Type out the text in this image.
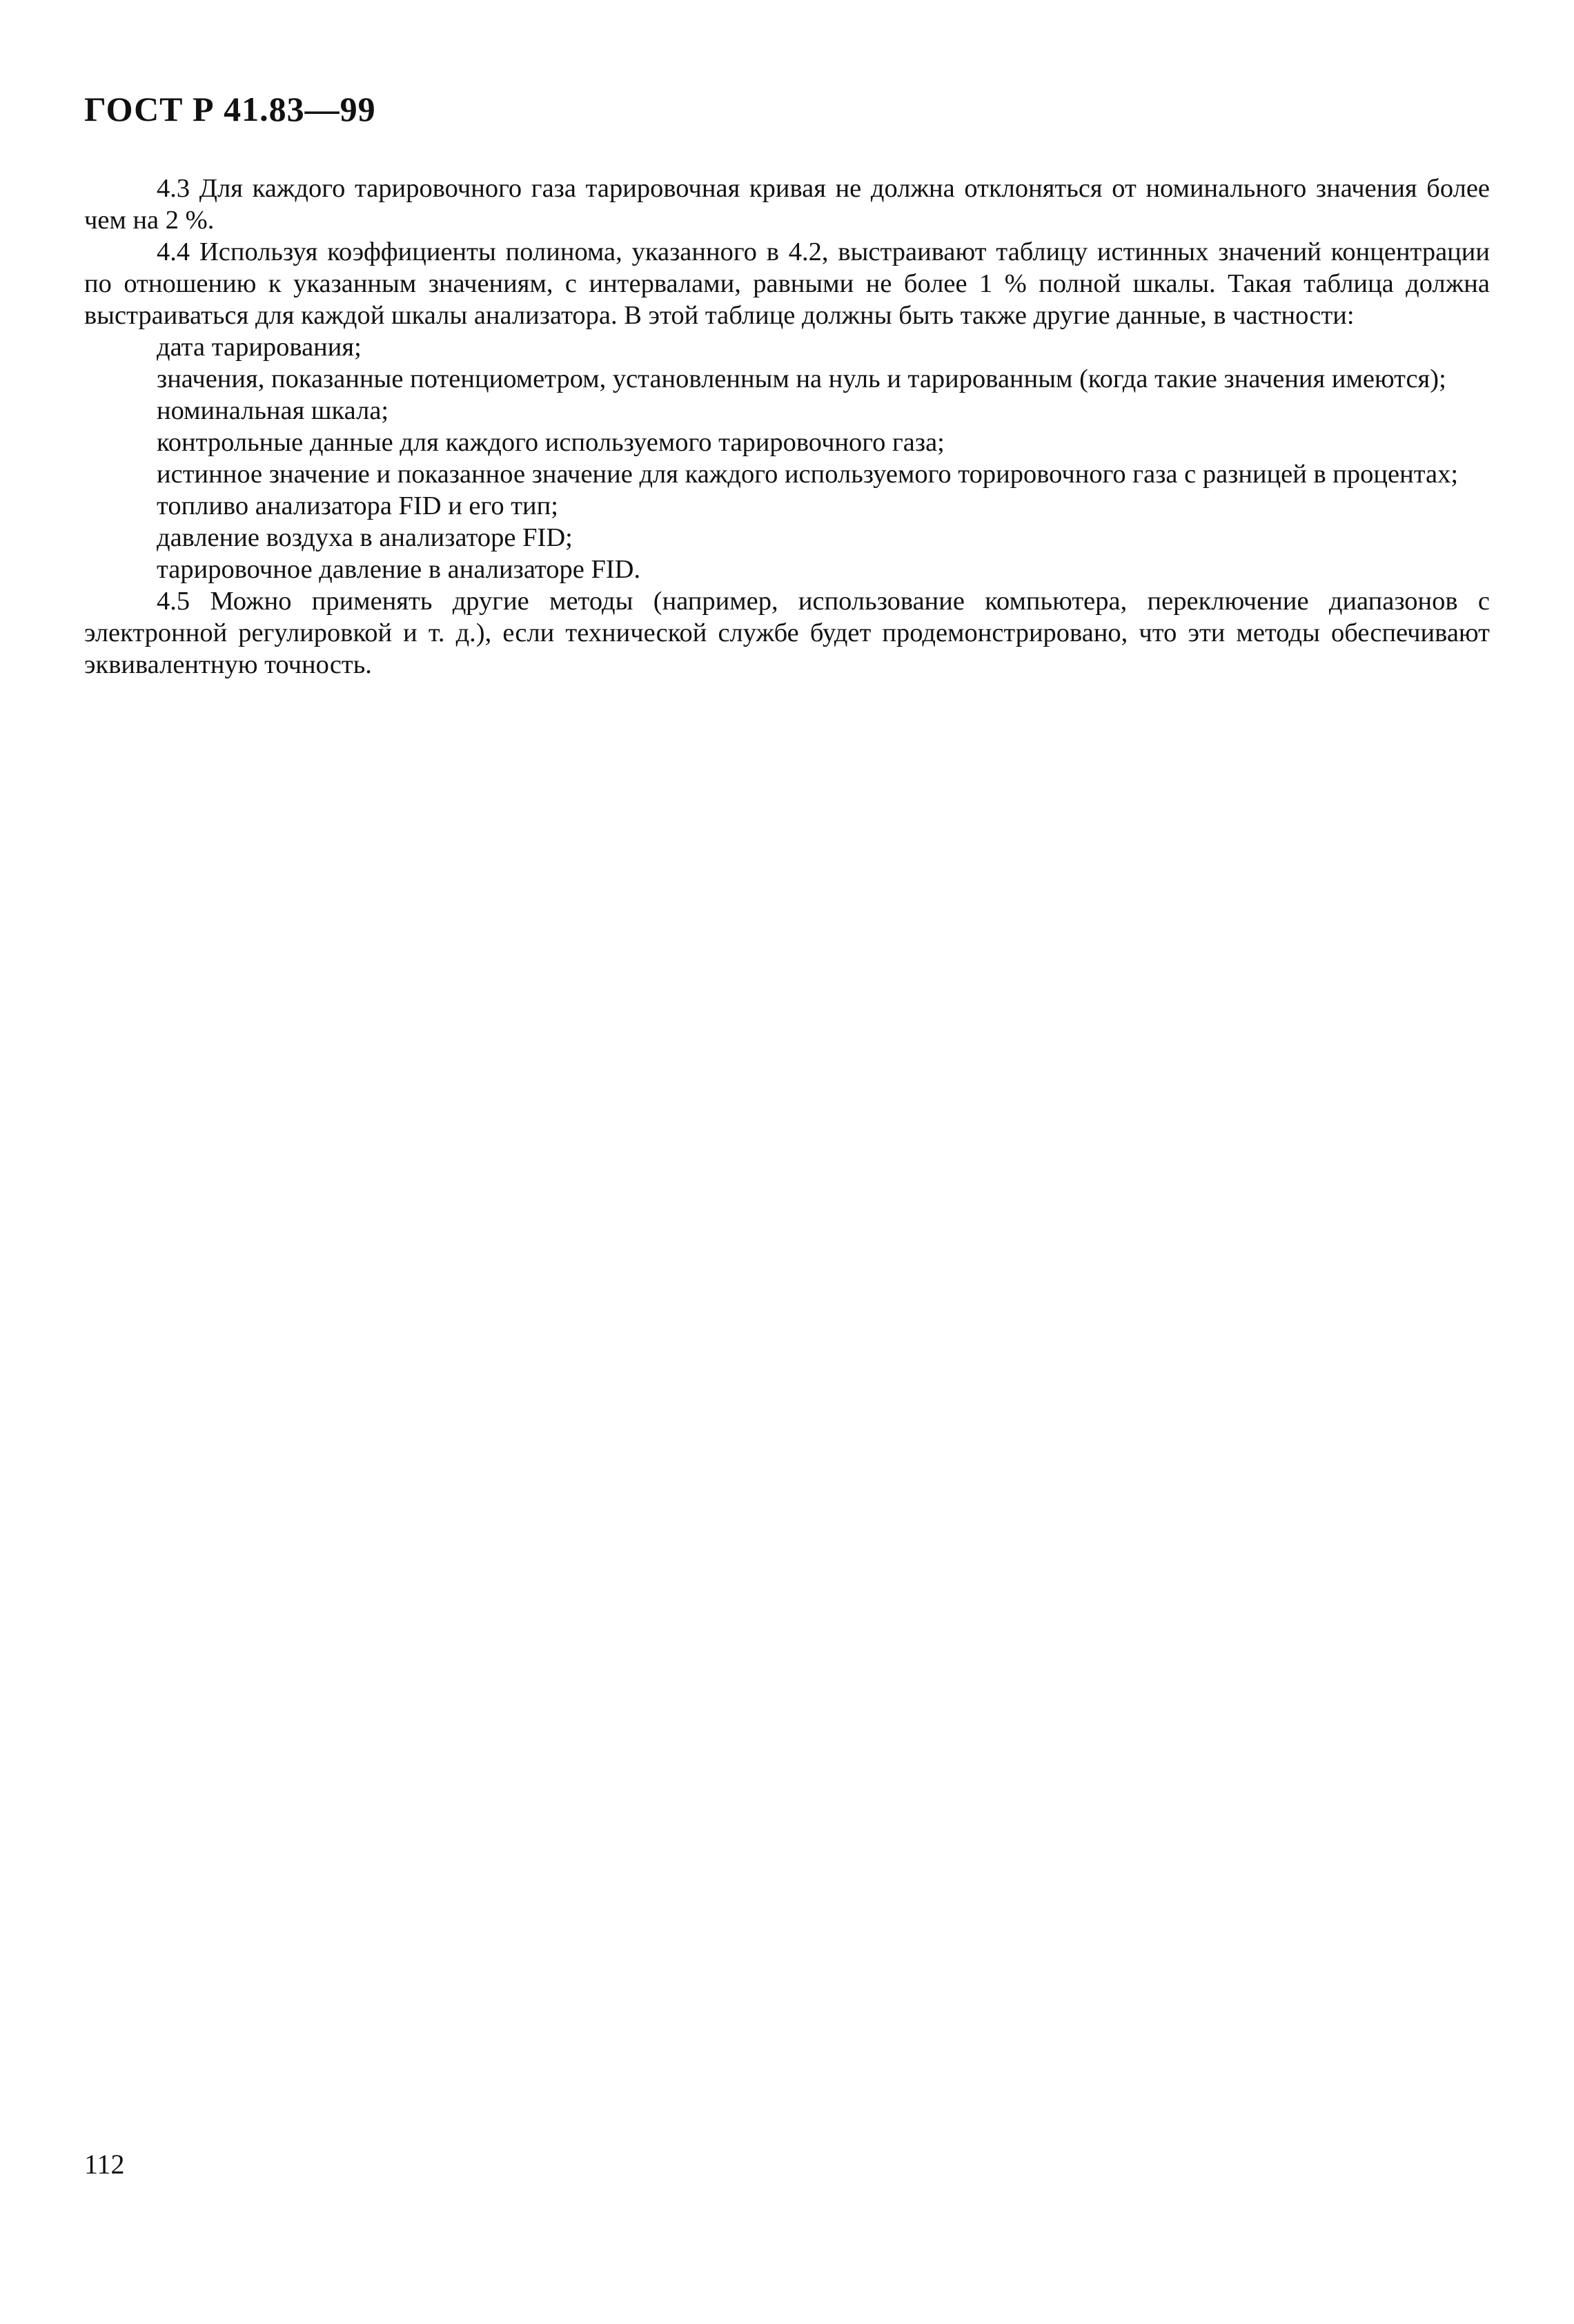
ГОСТ Р 41.83—99

4.3 Для каждого тарировочного газа тарировочная кривая не должна отклоняться от номинального значения более чем на 2 %.

4.4 Используя коэффициенты полинома, указанного в 4.2, выстраивают таблицу истинных значений концентрации по отношению к указанным значениям, с интервалами, равными не более 1 % полной шкалы. Такая таблица должна выстраиваться для каждой шкалы анализатора. В этой таблице должны быть также другие данные, в частности:

дата тарирования;

значения, показанные потенциометром, установленным на нуль и тарированным (когда такие значения имеются);

номинальная шкала;

контрольные данные для каждого используемого тарировочного газа;

истинное значение и показанное значение для каждого используемого торировочного газа с разницей в процентах;

топливо анализатора FID и его тип;

давление воздуха в анализаторе FID;

тарировочное давление в анализаторе FID.

4.5 Можно применять другие методы (например, использование компьютера, переключение диапазонов с электронной регулировкой и т. д.), если технической службе будет продемонстрировано, что эти методы обеспечивают эквивалентную точность.

112
